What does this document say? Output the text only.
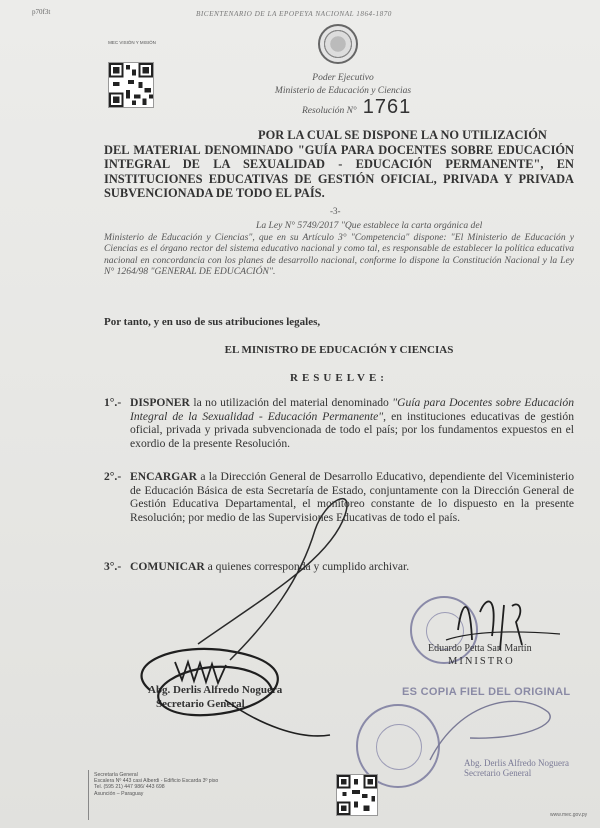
p70f3t	BICENTENARIO DE LA EPOPEYA NACIONAL 1864-1870
MEC VISIÓN Y MISIÓN
Poder Ejecutivo
Ministerio de Educación y Ciencias
Resolución N° 1761
POR LA CUAL SE DISPONE LA NO UTILIZACIÓN
DEL MATERIAL DENOMINADO "GUÍA PARA DOCENTES SOBRE EDUCACIÓN INTEGRAL DE LA SEXUALIDAD - EDUCACIÓN PERMANENTE", EN INSTITUCIONES EDUCATIVAS DE GESTIÓN OFICIAL, PRIVADA Y PRIVADA SUBVENCIONADA DE TODO EL PAÍS.
-3-
La Ley N° 5749/2017 "Que establece la carta orgánica del
Ministerio de Educación y Ciencias", que en su Artículo 3° "Competencia" dispone: "El Ministerio de Educación y Ciencias es el órgano rector del sistema educativo nacional y como tal, es responsable de establecer la política educativa nacional en concordancia con los planes de desarrollo nacional, conforme lo dispone la Constitución Nacional y la Ley N° 1264/98 "GENERAL DE EDUCACIÓN".
Por tanto, y en uso de sus atribuciones legales,
EL MINISTRO DE EDUCACIÓN Y CIENCIAS
RESUELVE:
1°.- DISPONER la no utilización del material denominado "Guía para Docentes sobre Educación Integral de la Sexualidad - Educación Permanente", en instituciones educativas de gestión oficial, privada y privada subvencionada de todo el país; por los fundamentos expuestos en el exordio de la presente Resolución.
2°.- ENCARGAR a la Dirección General de Desarrollo Educativo, dependiente del Viceministerio de Educación Básica de esta Secretaría de Estado, conjuntamente con la Dirección General de Gestión Educativa Departamental, el monitoreo constante de lo dispuesto en la presente Resolución; por medio de las Supervisiones Educativas de todo el país.
3°.- COMUNICAR a quienes corresponda y cumplido archivar.
Eduardo Petta San Martín
MINISTRO
Abg. Derlis Alfredo Noguera
Secretario General
ES COPIA FIEL DEL ORIGINAL
Abg. Derlis Alfredo Noguera
Secretario General
Secretaría General
Escalera Nº 443 casi Alberdi - Edificio Escarda 3º piso
Tel. (595 21) 447 986/ 443 698
Asunción – Paraguay
www.mec.gov.py
